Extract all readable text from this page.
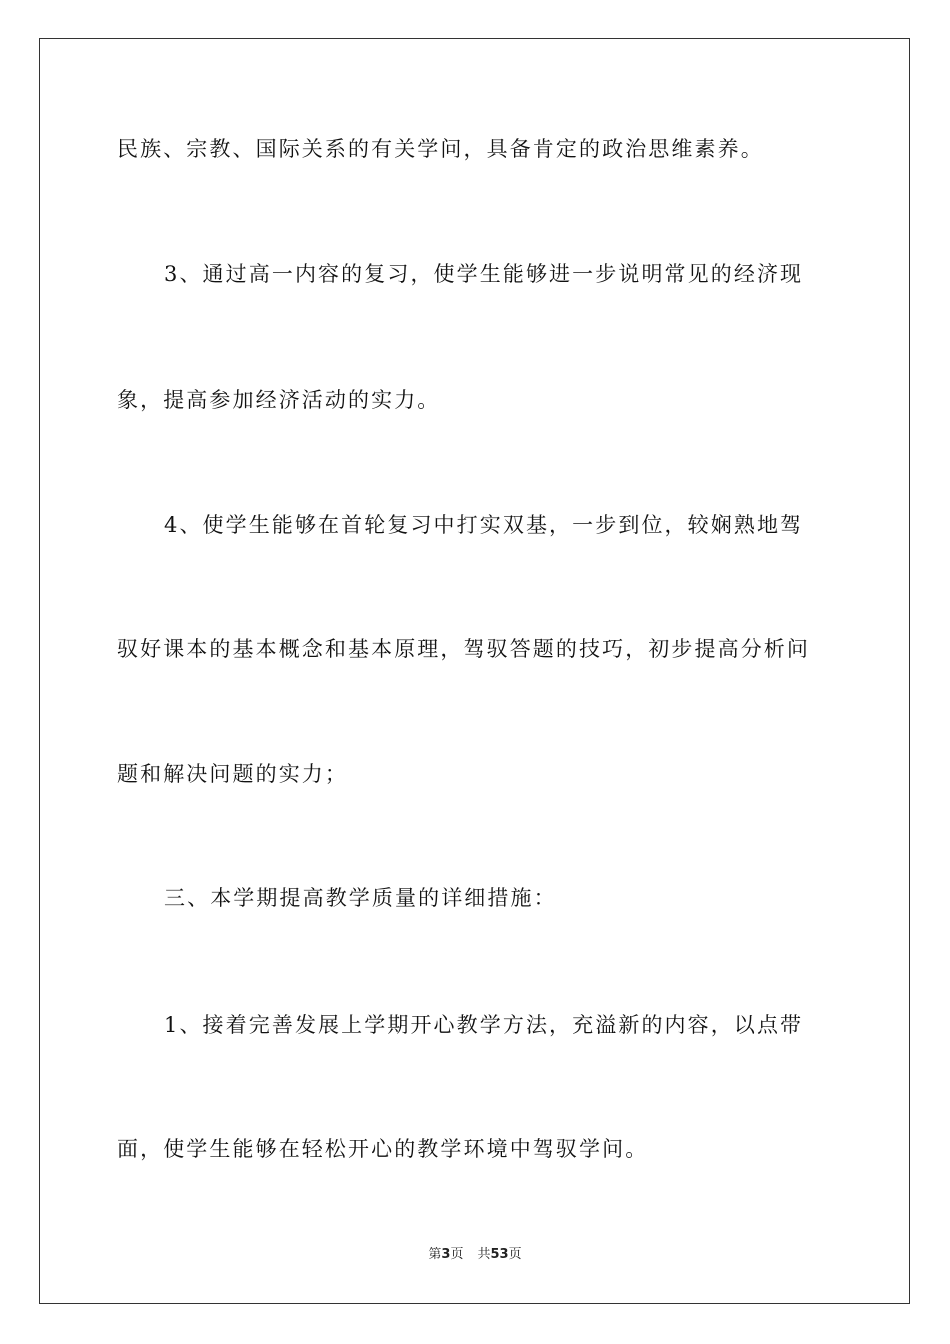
民族、宗教、国际关系的有关学问，具备肯定的政治思维素养。
3、通过高一内容的复习，使学生能够进一步说明常见的经济现
象，提高参加经济活动的实力。
4、使学生能够在首轮复习中打实双基，一步到位，较娴熟地驾
驭好课本的基本概念和基本原理，驾驭答题的技巧，初步提高分析问
题和解决问题的实力；
三、本学期提高教学质量的详细措施：
1、接着完善发展上学期开心教学方法，充溢新的内容，以点带
面，使学生能够在轻松开心的教学环境中驾驭学问。
第3页 共53页
